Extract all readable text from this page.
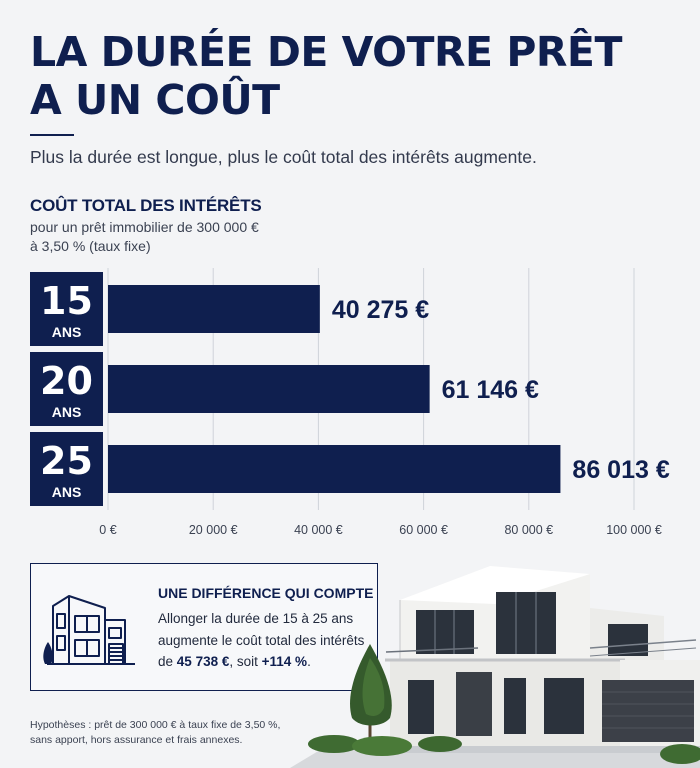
LA DURÉE DE VOTRE PRÊT
A UN COÛT
Plus la durée est longue, plus le coût total des intérêts augmente.
COÛT TOTAL DES INTÉRÊTS
pour un prêt immobilier de 300 000 €
à 3,50 % (taux fixe)
0 €	20 000 €	40 000 €	60 000 €	80 000 €	100 000 €
15
ANS
40 275 €
20
ANS
61 146 €
25
ANS
86 013 €
UNE DIFFÉRENCE QUI COMPTE
Allonger la durée de 15 à 25 ans augmente le coût total des intérêts de 45 738 €, soit +114 %.
Hypothèses : prêt de 300 000 € à taux fixe de 3,50 %,
sans apport, hors assurance et frais annexes.
